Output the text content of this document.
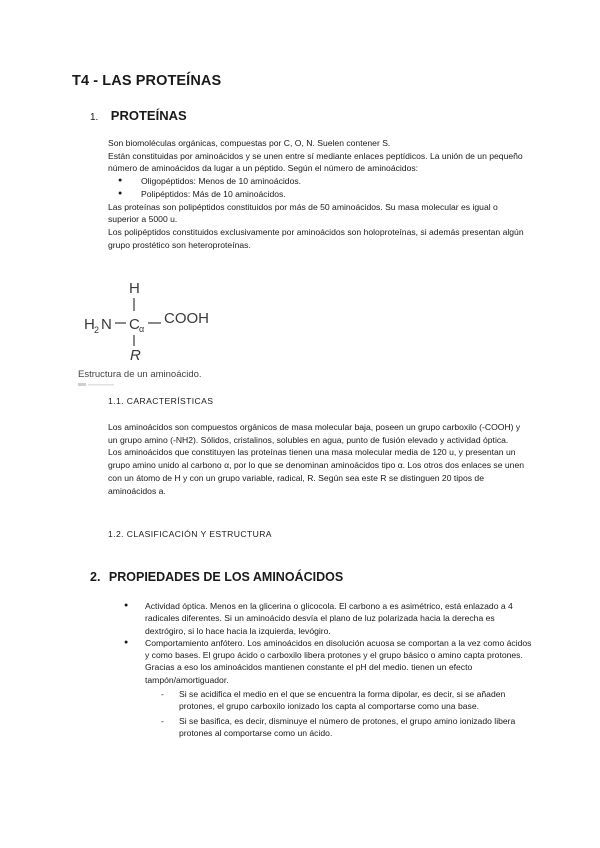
T4 - LAS PROTEÍNAS
1. PROTEÍNAS

Son biomoléculas orgánicas, compuestas por C, O, N. Suelen contener S.

Están constituidas por aminoácidos y se unen entre sí mediante enlaces peptídicos. La unión de un pequeño número de aminoácidos da lugar a un péptido. Según el número de aminoácidos:

● Oligopéptidos: Menos de 10 aminoácidos.
● Polipéptidos: Más de 10 aminoácidos.

Las proteínas son polipéptidos constituidos por más de 50 aminoácidos. Su masa molecular es igual o superior a 5000 u.

Los polipéptidos constituidos exclusivamente por aminoácidos son holoproteínas, si además presentan algún grupo prostético son heteroproteínas.

H
H 2 N C α
COOH
R
Estructura de un aminoácido.
1.1. CARACTERÍSTICAS

Los aminoácidos son compuestos orgánicos de masa molecular baja, poseen un grupo carboxilo (-COOH) y un grupo amino (-NH2). Sólidos, cristalinos, solubles en agua, punto de fusión elevado y actividad óptica.

Los aminoácidos que constituyen las proteínas tienen una masa molecular media de 120 u, y presentan un grupo amino unido al carbono α, por lo que se denominan aminoácidos tipo α. Los otros dos enlaces se unen con un átomo de H y con un grupo variable, radical, R. Según sea este R se distinguen 20 tipos de aminoácidos a.

1.2. CLASIFICACIÓN Y ESTRUCTURA
2. PROPIEDADES DE LOS AMINOÁCIDOS
● Actividad óptica. Menos en la glicerina o glicocola. El carbono a es asimétrico, está enlazado a 4 radicales diferentes. Si un aminoácido desvía el plano de luz polarizada hacia la derecha es dextrógiro, si lo hace hacia la izquierda, levógiro.
● Comportamiento anfótero. Los aminoácidos en disolución acuosa se comportan a la vez como ácidos y como bases. El grupo ácido o carboxilo libera protones y el grupo básico o amino capta protones. Gracias a eso los aminoácidos mantienen constante el pH del medio. tienen un efecto tampón/amortiguador.
- Si se acidifica el medio en el que se encuentra la forma dipolar, es decir, si se añaden protones, el grupo carboxilo ionizado los capta al comportarse como una base.
- Si se basifica, es decir, disminuye el número de protones, el grupo amino ionizado libera protones al comportarse como un ácido.
